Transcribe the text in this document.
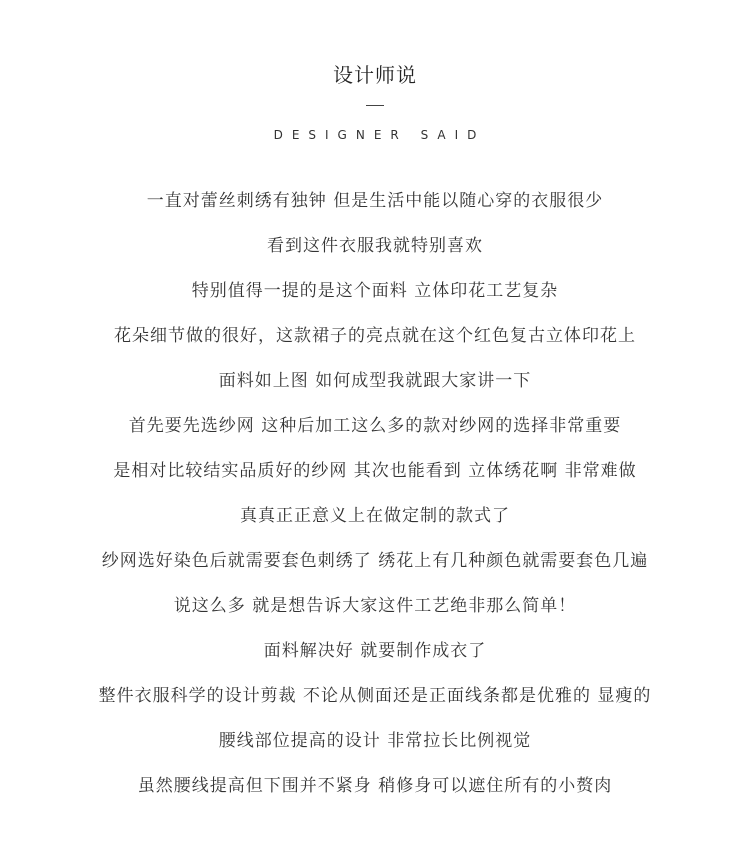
设计师说
DESIGNER SAID
一直对蕾丝刺绣有独钟 但是生活中能以随心穿的衣服很少
看到这件衣服我就特别喜欢
特别值得一提的是这个面料 立体印花工艺复杂
花朵细节做的很好，这款裙子的亮点就在这个红色复古立体印花上
面料如上图 如何成型我就跟大家讲一下
首先要先选纱网 这种后加工这么多的款对纱网的选择非常重要
是相对比较结实品质好的纱网 其次也能看到 立体绣花啊 非常难做
真真正正意义上在做定制的款式了
纱网选好染色后就需要套色刺绣了 绣花上有几种颜色就需要套色几遍
说这么多 就是想告诉大家这件工艺绝非那么简单！
面料解决好 就要制作成衣了
整件衣服科学的设计剪裁 不论从侧面还是正面线条都是优雅的 显瘦的
腰线部位提高的设计 非常拉长比例视觉
虽然腰线提高但下围并不紧身 稍修身可以遮住所有的小赘肉
